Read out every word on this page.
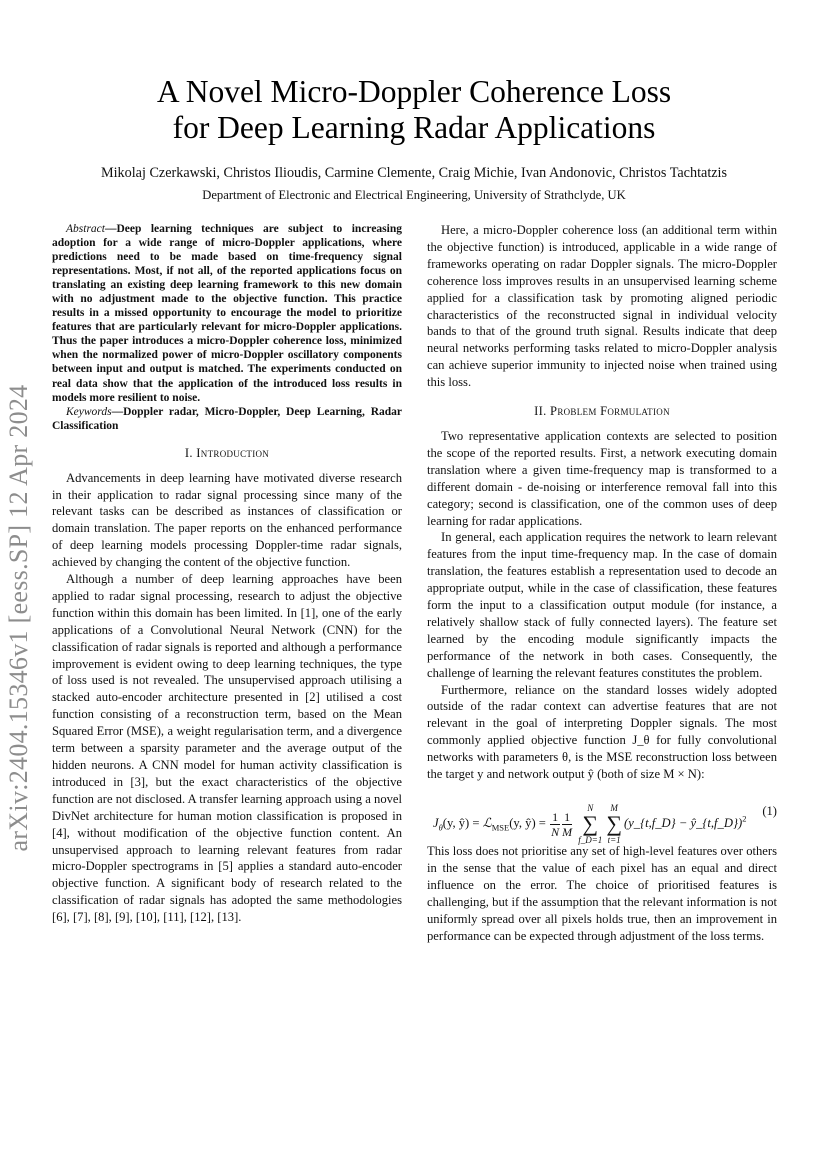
arXiv:2404.15346v1 [eess.SP] 12 Apr 2024
A Novel Micro-Doppler Coherence Loss
for Deep Learning Radar Applications
Mikolaj Czerkawski, Christos Ilioudis, Carmine Clemente, Craig Michie, Ivan Andonovic, Christos Tachtatzis
Department of Electronic and Electrical Engineering, University of Strathclyde, UK
Abstract—Deep learning techniques are subject to increasing adoption for a wide range of micro-Doppler applications, where predictions need to be made based on time-frequency signal representations. Most, if not all, of the reported applications focus on translating an existing deep learning framework to this new domain with no adjustment made to the objective function. This practice results in a missed opportunity to encourage the model to prioritize features that are particularly relevant for micro-Doppler applications. Thus the paper introduces a micro-Doppler coherence loss, minimized when the normalized power of micro-Doppler oscillatory components between input and output is matched. The experiments conducted on real data show that the application of the introduced loss results in models more resilient to noise.
Keywords—Doppler radar, Micro-Doppler, Deep Learning, Radar Classification
I. Introduction

Advancements in deep learning have motivated diverse research in their application to radar signal processing since many of the relevant tasks can be described as instances of classification or domain translation. The paper reports on the enhanced performance of deep learning models processing Doppler-time radar signals, achieved by changing the content of the objective function.

Although a number of deep learning approaches have been applied to radar signal processing, research to adjust the objective function within this domain has been limited. In [1], one of the early applications of a Convolutional Neural Network (CNN) for the classification of radar signals is reported and although a performance improvement is evident owing to deep learning techniques, the type of loss used is not revealed. The unsupervised approach utilising a stacked auto-encoder architecture presented in [2] utilised a cost function consisting of a reconstruction term, based on the Mean Squared Error (MSE), a weight regularisation term, and a divergence term between a sparsity parameter and the average output of the hidden neurons. A CNN model for human activity classification is introduced in [3], but the exact characteristics of the objective function are not disclosed. A transfer learning approach using a novel DivNet architecture for human motion classification is proposed in [4], without modification of the objective function content. An unsupervised approach to learning relevant features from radar micro-Doppler spectrograms in [5] applies a standard auto-encoder objective function. A significant body of research related to the classification of radar signals has adopted the same methodologies [6], [7], [8], [9], [10], [11], [12], [13].

Here, a micro-Doppler coherence loss (an additional term within the objective function) is introduced, applicable in a wide range of frameworks operating on radar Doppler signals. The micro-Doppler coherence loss improves results in an unsupervised learning scheme applied for a classification task by promoting aligned periodic characteristics of the reconstructed signal in individual velocity bands to that of the ground truth signal. Results indicate that deep neural networks performing tasks related to micro-Doppler analysis can achieve superior immunity to injected noise when trained using this loss.

II. Problem Formulation

Two representative application contexts are selected to position the scope of the reported results. First, a network executing domain translation where a given time-frequency map is transformed to a different domain - de-noising or interference removal fall into this category; second is classification, one of the common uses of deep learning for radar applications.

In general, each application requires the network to learn relevant features from the input time-frequency map. In the case of domain translation, the features establish a representation used to decode an appropriate output, while in the case of classification, these features form the input to a classification output module (for instance, a relatively shallow stack of fully connected layers). The feature set learned by the encoding module significantly impacts the performance of the network in both cases. Consequently, the challenge of learning the relevant features constitutes the problem.

Furthermore, reliance on the standard losses widely adopted outside of the radar context can advertise features that are not relevant in the goal of interpreting Doppler signals. The most commonly applied objective function J_θ for fully convolutional networks with parameters θ, is the MSE reconstruction loss between the target y and network output ŷ (both of size M × N):

$J_\theta(y$, ŷ) = ℒ$_{MSE}$(y, ŷ) = $\frac{1}{N} \frac{1}{M}$

N
∑
f_D=1
M
∑
t=1
(y_{t,f_D} − ŷ_{t,f_D})$^2$
(1)

This loss does not prioritise any set of high-level features over others in the sense that the value of each pixel has an equal and direct influence on the error. The choice of prioritised features is challenging, but if the assumption that the relevant information is not uniformly spread over all pixels holds true, then an improvement in performance can be expected through adjustment of the loss terms.
